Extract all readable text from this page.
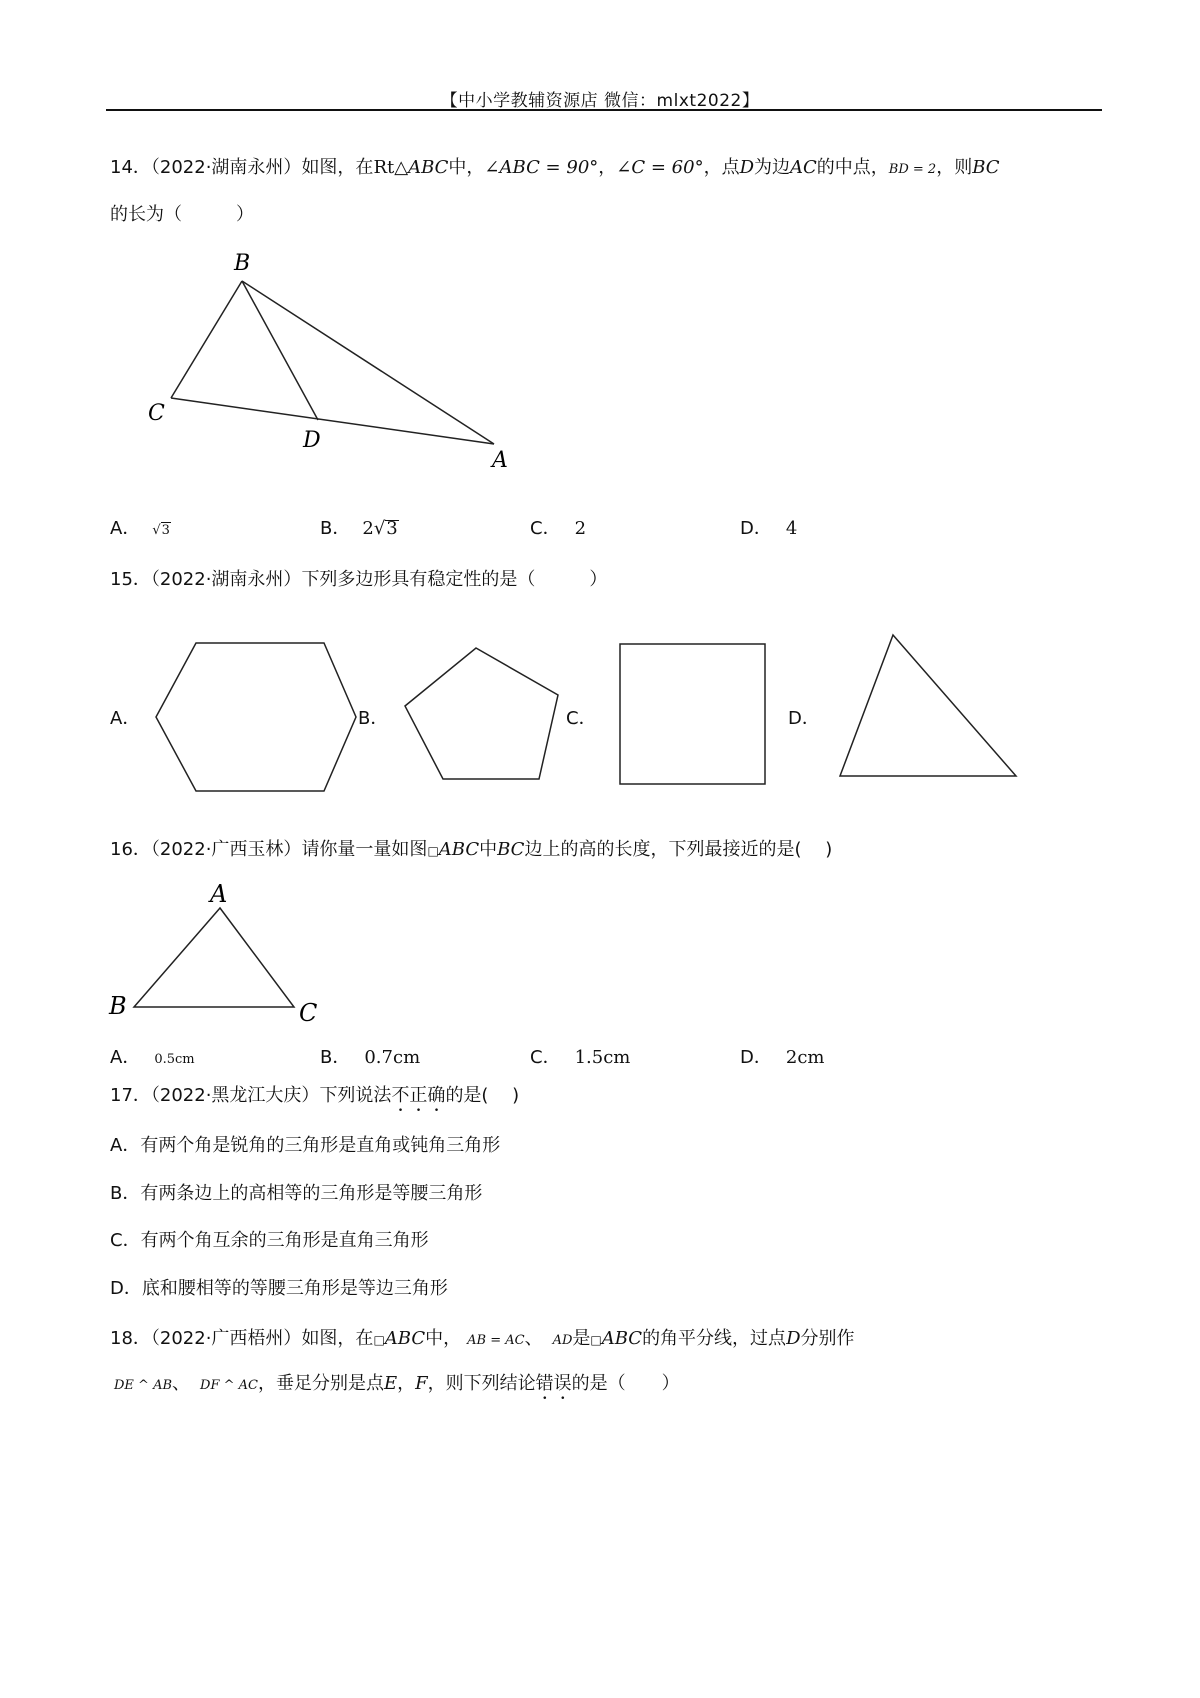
【中小学教辅资源店 微信：mlxt2022】
14．（2022·湖南永州）如图，在Rt△ABC中，∠ABC = 90°，∠C = 60°，点D为边AC的中点，BD = 2，则BC
的长为（　　　）
B
C
D
A
A． √3	B． 2√3	C． 2	D． 4
15．（2022·湖南永州）下列多边形具有稳定性的是（　　　）
A．	B．	C．	D．
16．（2022·广西玉林）请你量一量如图□ABC中BC边上的高的长度，下列最接近的是(　 )
A
B	C
A． 0.5cm	B． 0.7cm	C． 1.5cm	D． 2cm
17．（2022·黑龙江大庆）下列说法不正确的是(　 )
A．有两个角是锐角的三角形是直角或钝角三角形
B．有两条边上的高相等的三角形是等腰三角形
C．有两个角互余的三角形是直角三角形
D．底和腰相等的等腰三角形是等边三角形
18．（2022·广西梧州）如图，在□ABC中， AB = AC、 AD是□ABC的角平分线，过点D分别作
DE ^ AB、 DF ^ AC，垂足分别是点E，F，则下列结论错误的是（　　）
